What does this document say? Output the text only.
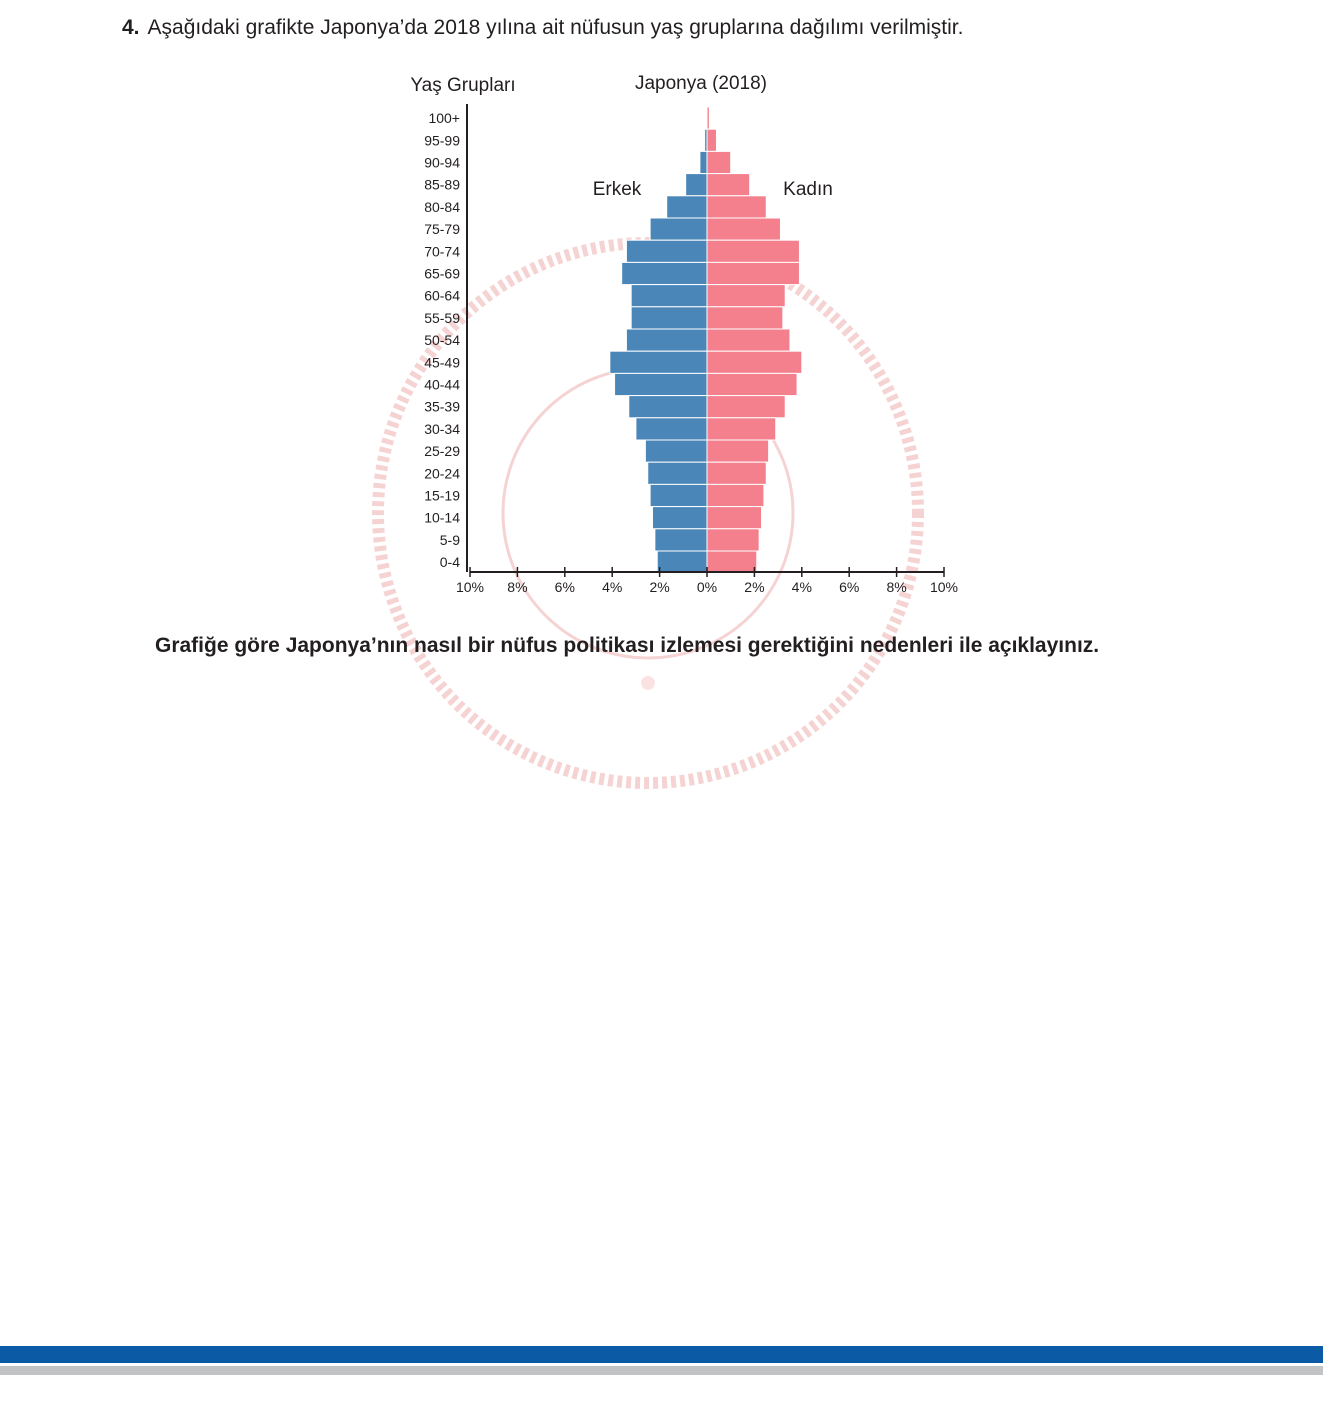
4. Aşağıdaki grafikte Japonya’da 2018 yılına ait nüfusun yaş gruplarına dağılımı verilmiştir.
Yaş Grupları	Japonya (2018)
Erkek	Kadın
100+
95-99
90-94
85-89
80-84
75-79
70-74
65-69
60-64
55-59
50-54
45-49
40-44
35-39
30-34
25-29
20-24
15-19
10-14
5-9
0-4
10% 8% 6% 4% 2% 0% 2% 4% 6% 8% 10%
Grafiğe göre Japonya’nın nasıl bir nüfus politikası izlemesi gerektiğini nedenleri ile açıklayınız.
